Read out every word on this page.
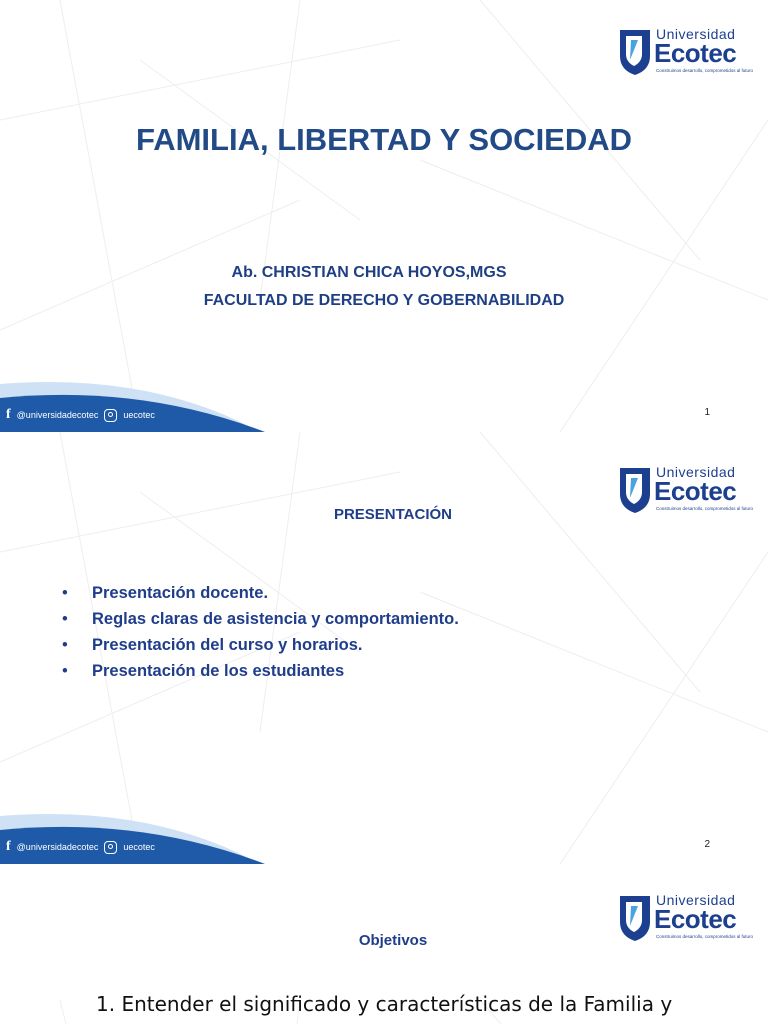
Universidad
Ecotec
Construimos desarrollo, comprometidos al futuro
FAMILIA, LIBERTAD Y SOCIEDAD
Ab. CHRISTIAN CHICA HOYOS,MGS
FACULTAD DE DERECHO Y GOBERNABILIDAD
f @universidadecotec	uecotec	1
Universidad
Ecotec
Construimos desarrollo, comprometidos al futuro
PRESENTACIÓN
• Presentación docente.
• Reglas claras de asistencia y comportamiento.
• Presentación del curso y horarios.
• Presentación de los estudiantes
f @universidadecotec	uecotec	2
Universidad
Ecotec
Construimos desarrollo, comprometidos al futuro
Objetivos
1. Entender el significado y características de la Familia y
